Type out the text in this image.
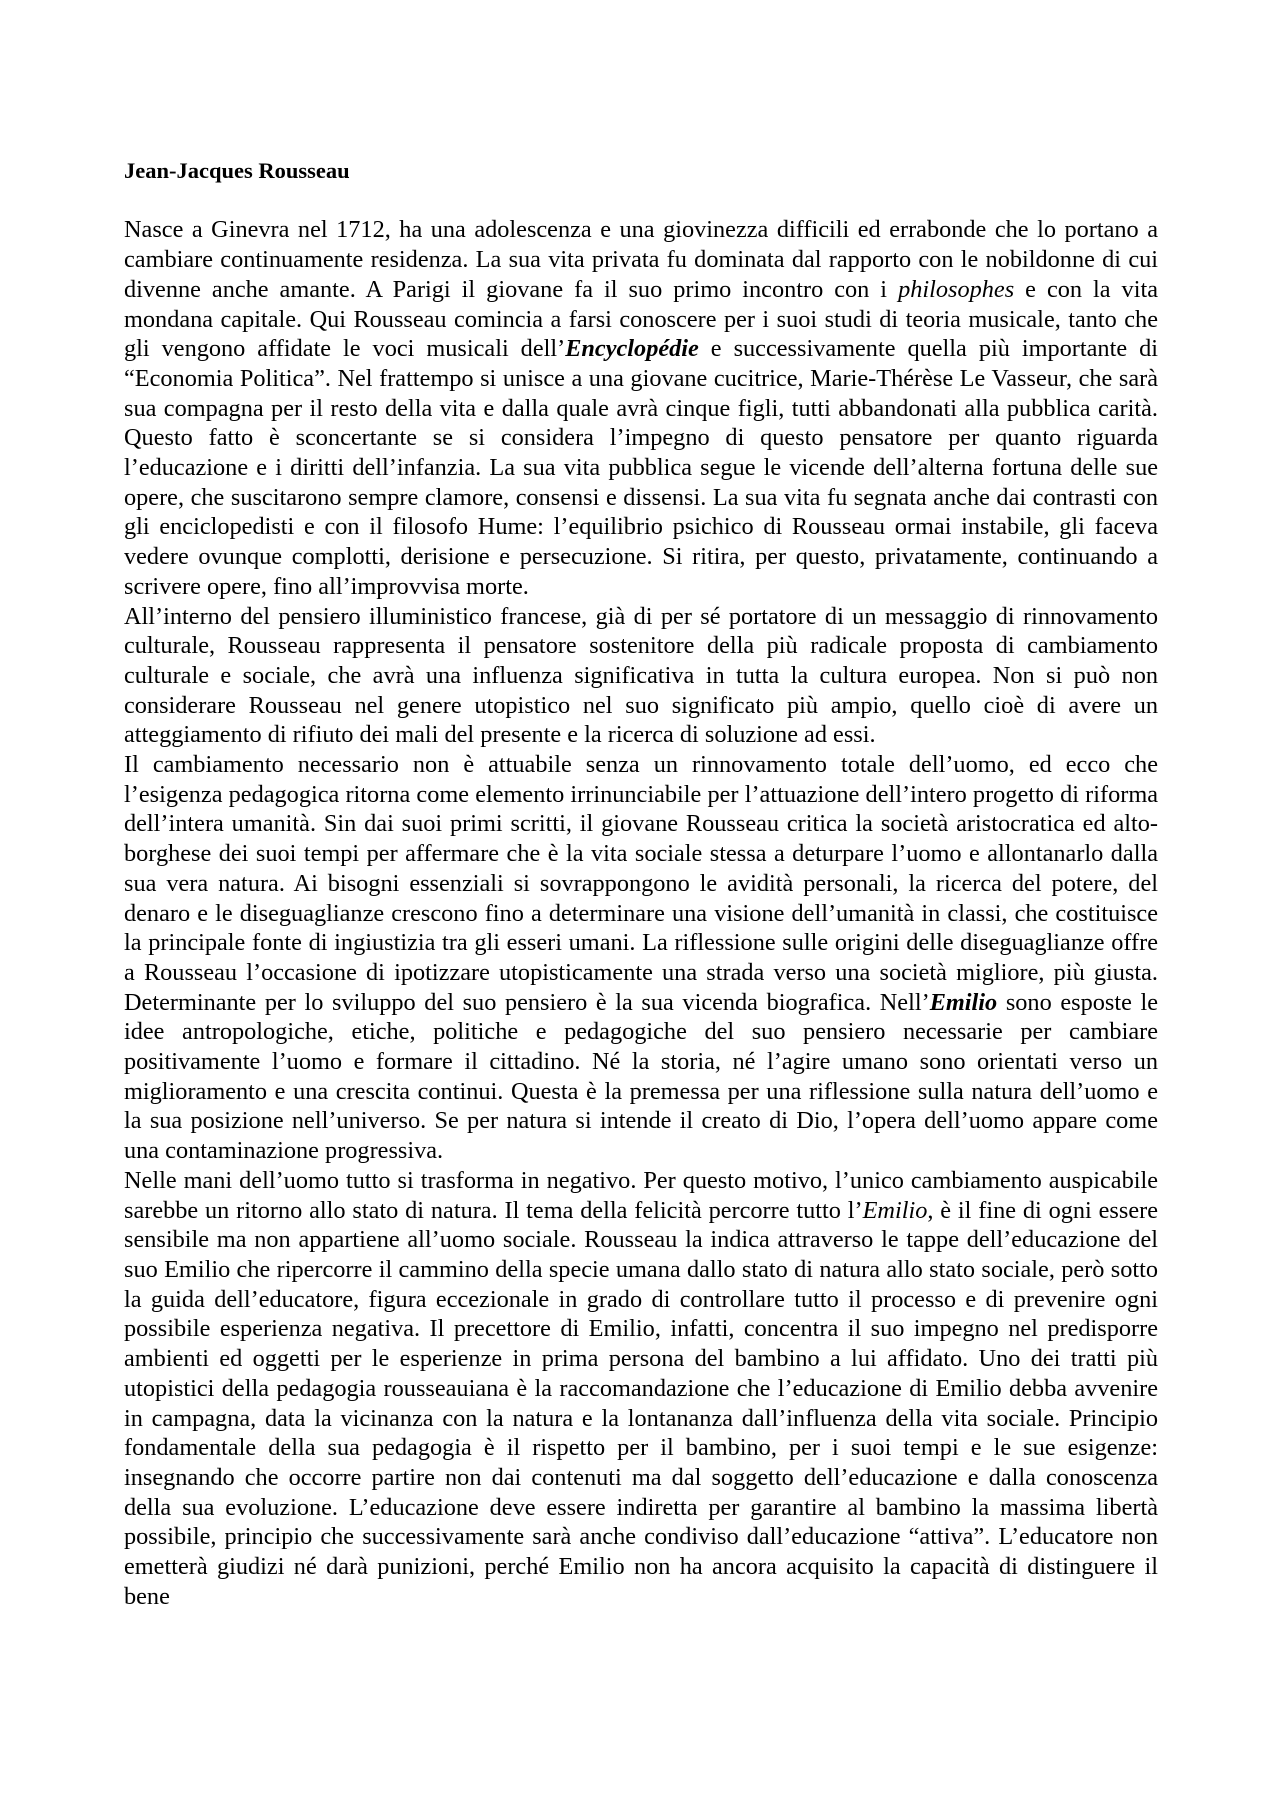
Jean-Jacques Rousseau

Nasce a Ginevra nel 1712, ha una adolescenza e una giovinezza difficili ed errabonde che lo portano a cambiare continuamente residenza. La sua vita privata fu dominata dal rapporto con le nobildonne di cui divenne anche amante. A Parigi il giovane fa il suo primo incontro con i philosophes e con la vita mondana capitale. Qui Rousseau comincia a farsi conoscere per i suoi studi di teoria musicale, tanto che gli vengono affidate le voci musicali dell’Encyclopédie e successivamente quella più importante di “Economia Politica”. Nel frattempo si unisce a una giovane cucitrice, Marie-Thérèse Le Vasseur, che sarà sua compagna per il resto della vita e dalla quale avrà cinque figli, tutti abbandonati alla pubblica carità. Questo fatto è sconcertante se si considera l’impegno di questo pensatore per quanto riguarda l’educazione e i diritti dell’infanzia. La sua vita pubblica segue le vicende dell’alterna fortuna delle sue opere, che suscitarono sempre clamore, consensi e dissensi. La sua vita fu segnata anche dai contrasti con gli enciclopedisti e con il filosofo Hume: l’equilibrio psichico di Rousseau ormai instabile, gli faceva vedere ovunque complotti, derisione e persecuzione. Si ritira, per questo, privatamente, continuando a scrivere opere, fino all’improvvisa morte.

All’interno del pensiero illuministico francese, già di per sé portatore di un messaggio di rinnovamento culturale, Rousseau rappresenta il pensatore sostenitore della più radicale proposta di cambiamento culturale e sociale, che avrà una influenza significativa in tutta la cultura europea. Non si può non considerare Rousseau nel genere utopistico nel suo significato più ampio, quello cioè di avere un atteggiamento di rifiuto dei mali del presente e la ricerca di soluzione ad essi.

Il cambiamento necessario non è attuabile senza un rinnovamento totale dell’uomo, ed ecco che l’esigenza pedagogica ritorna come elemento irrinunciabile per l’attuazione dell’intero progetto di riforma dell’intera umanità. Sin dai suoi primi scritti, il giovane Rousseau critica la società aristocratica ed alto-borghese dei suoi tempi per affermare che è la vita sociale stessa a deturpare l’uomo e allontanarlo dalla sua vera natura. Ai bisogni essenziali si sovrappongono le avidità personali, la ricerca del potere, del denaro e le diseguaglianze crescono fino a determinare una visione dell’umanità in classi, che costituisce la principale fonte di ingiustizia tra gli esseri umani. La riflessione sulle origini delle diseguaglianze offre a Rousseau l’occasione di ipotizzare utopisticamente una strada verso una società migliore, più giusta. Determinante per lo sviluppo del suo pensiero è la sua vicenda biografica. Nell’Emilio sono esposte le idee antropologiche, etiche, politiche e pedagogiche del suo pensiero necessarie per cambiare positivamente l’uomo e formare il cittadino. Né la storia, né l’agire umano sono orientati verso un miglioramento e una crescita continui. Questa è la premessa per una riflessione sulla natura dell’uomo e la sua posizione nell’universo. Se per natura si intende il creato di Dio, l’opera dell’uomo appare come una contaminazione progressiva.

Nelle mani dell’uomo tutto si trasforma in negativo. Per questo motivo, l’unico cambiamento auspicabile sarebbe un ritorno allo stato di natura. Il tema della felicità percorre tutto l’Emilio, è il fine di ogni essere sensibile ma non appartiene all’uomo sociale. Rousseau la indica attraverso le tappe dell’educazione del suo Emilio che ripercorre il cammino della specie umana dallo stato di natura allo stato sociale, però sotto la guida dell’educatore, figura eccezionale in grado di controllare tutto il processo e di prevenire ogni possibile esperienza negativa. Il precettore di Emilio, infatti, concentra il suo impegno nel predisporre ambienti ed oggetti per le esperienze in prima persona del bambino a lui affidato. Uno dei tratti più utopistici della pedagogia rousseauiana è la raccomandazione che l’educazione di Emilio debba avvenire in campagna, data la vicinanza con la natura e la lontananza dall’influenza della vita sociale. Principio fondamentale della sua pedagogia è il rispetto per il bambino, per i suoi tempi e le sue esigenze: insegnando che occorre partire non dai contenuti ma dal soggetto dell’educazione e dalla conoscenza della sua evoluzione. L’educazione deve essere indiretta per garantire al bambino la massima libertà possibile, principio che successivamente sarà anche condiviso dall’educazione “attiva”. L’educatore non emetterà giudizi né darà punizioni, perché Emilio non ha ancora acquisito la capacità di distinguere il bene
